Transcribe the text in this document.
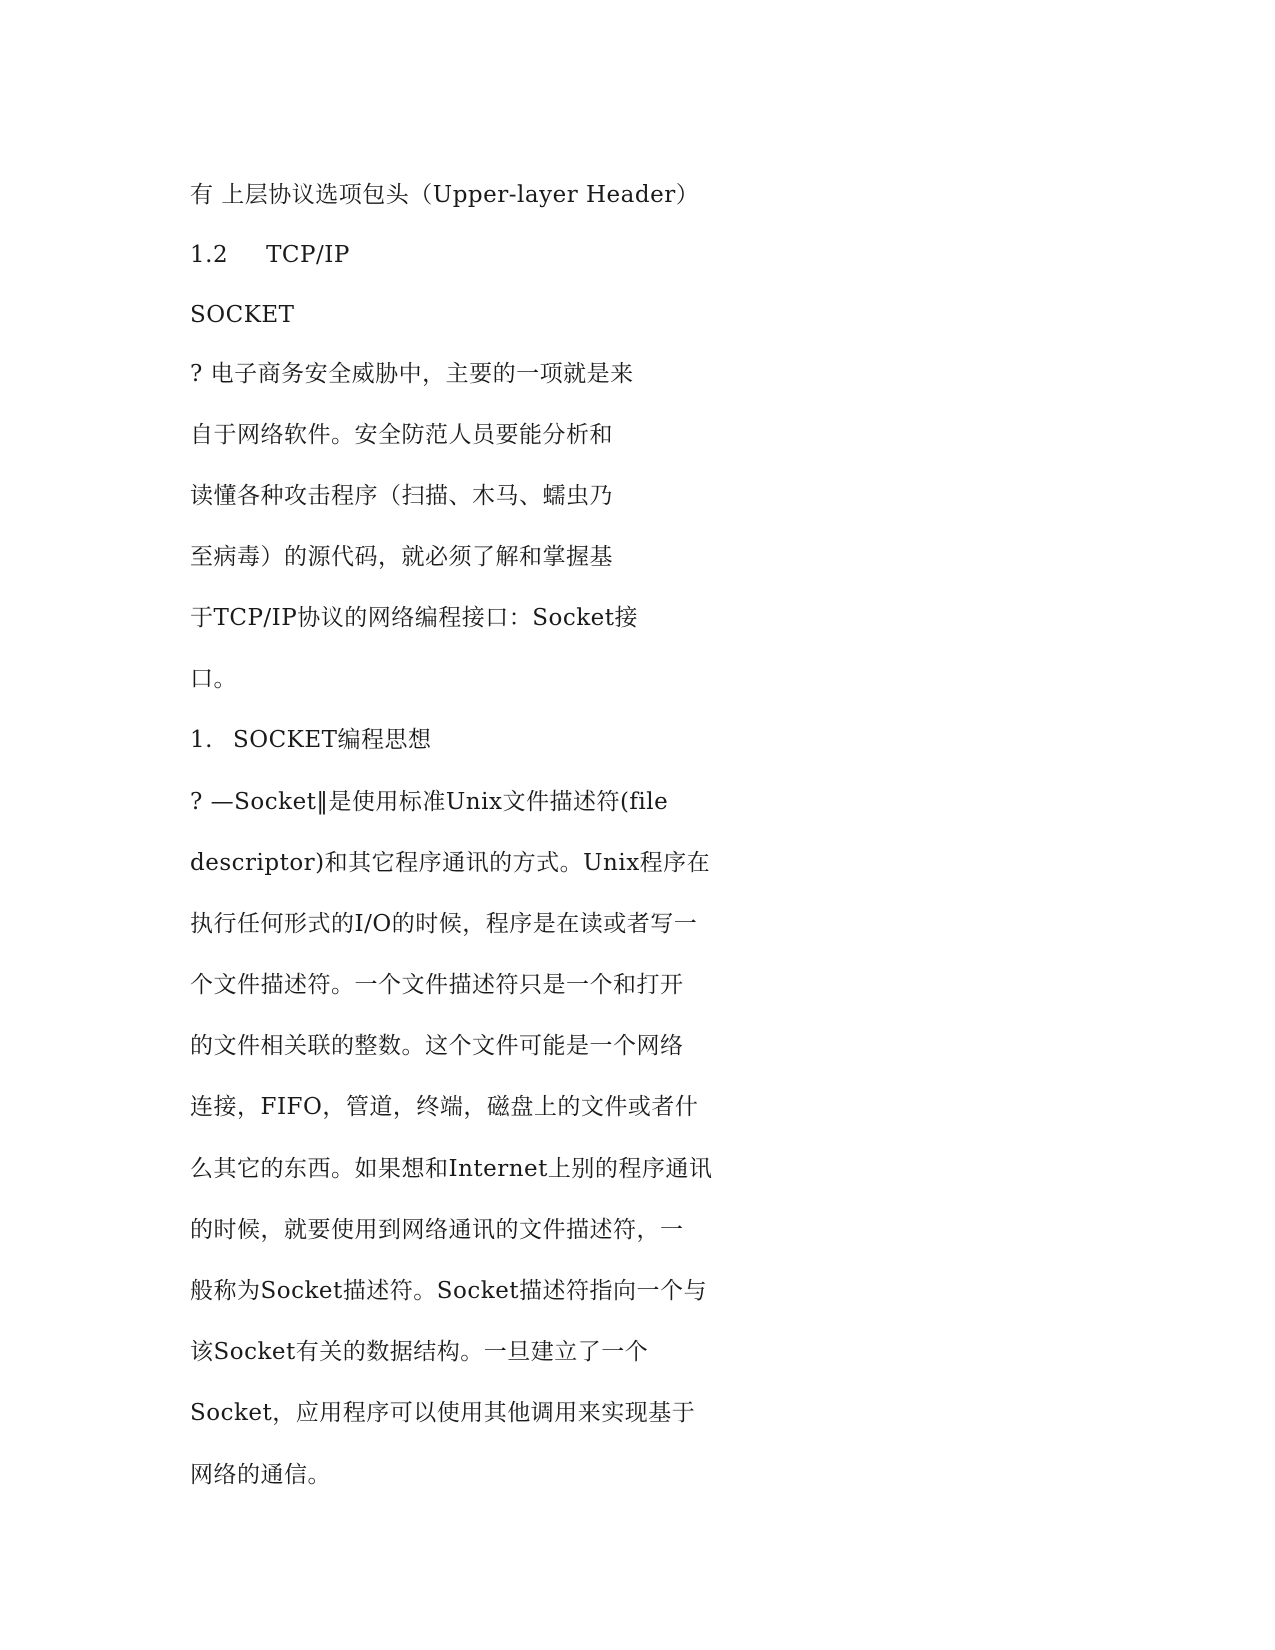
有 上层协议选项包头（Upper-layer Header）
1.2 TCP/IP
SOCKET
? 电子商务安全威胁中，主要的一项就是来
自于网络软件。安全防范人员要能分析和
读懂各种攻击程序（扫描、木马、蠕虫乃
至病毒）的源代码，就必须了解和掌握基
于TCP/IP协议的网络编程接口：Socket接
口。
1. SOCKET编程思想
? —Socket‖是使用标准Unix文件描述符(file
descriptor)和其它程序通讯的方式。Unix程序在
执行任何形式的I/O的时候，程序是在读或者写一
个文件描述符。一个文件描述符只是一个和打开
的文件相关联的整数。这个文件可能是一个网络
连接，FIFO，管道，终端，磁盘上的文件或者什
么其它的东西。如果想和Internet上别的程序通讯
的时候，就要使用到网络通讯的文件描述符，一
般称为Socket描述符。Socket描述符指向一个与
该Socket有关的数据结构。一旦建立了一个
Socket，应用程序可以使用其他调用来实现基于
网络的通信。
